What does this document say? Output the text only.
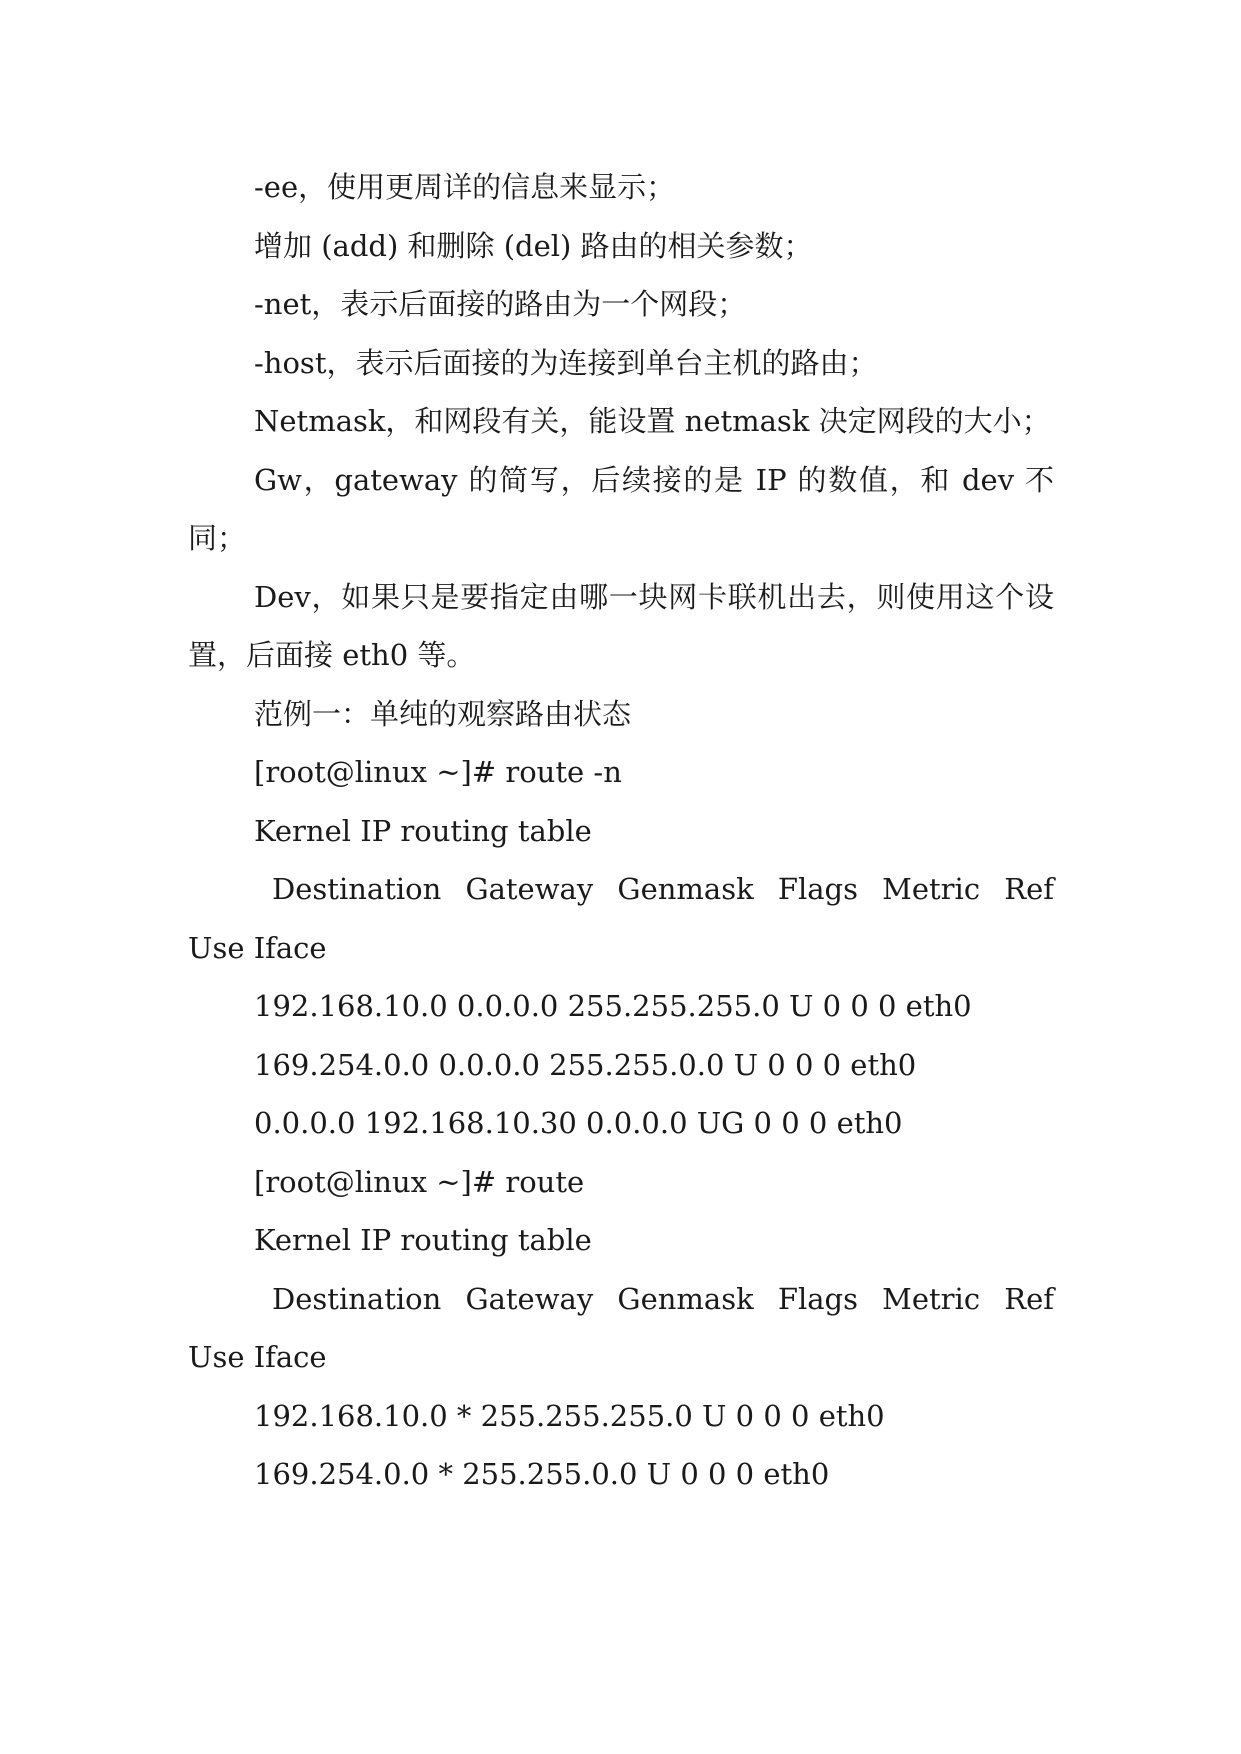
-ee，使用更周详的信息来显示；

增加 (add) 和删除 (del) 路由的相关参数；

-net，表示后面接的路由为一个网段；

-host，表示后面接的为连接到单台主机的路由；

Netmask，和网段有关，能设置 netmask 决定网段的大小；

Gw，gateway 的简写，后续接的是 IP 的数值，和 dev 不同；

Dev，如果只是要指定由哪一块网卡联机出去，则使用这个设置，后面接 eth0 等。

范例一：单纯的观察路由状态

[root@linux ~]# route -n

Kernel IP routing table

Destination  Gateway  Genmask  Flags  Metric  Ref Use Iface

192.168.10.0 0.0.0.0 255.255.255.0 U 0 0 0 eth0

169.254.0.0 0.0.0.0 255.255.0.0 U 0 0 0 eth0

0.0.0.0 192.168.10.30 0.0.0.0 UG 0 0 0 eth0

[root@linux ~]# route

Kernel IP routing table

Destination  Gateway  Genmask  Flags  Metric  Ref Use Iface

192.168.10.0 * 255.255.255.0 U 0 0 0 eth0

169.254.0.0 * 255.255.0.0 U 0 0 0 eth0
